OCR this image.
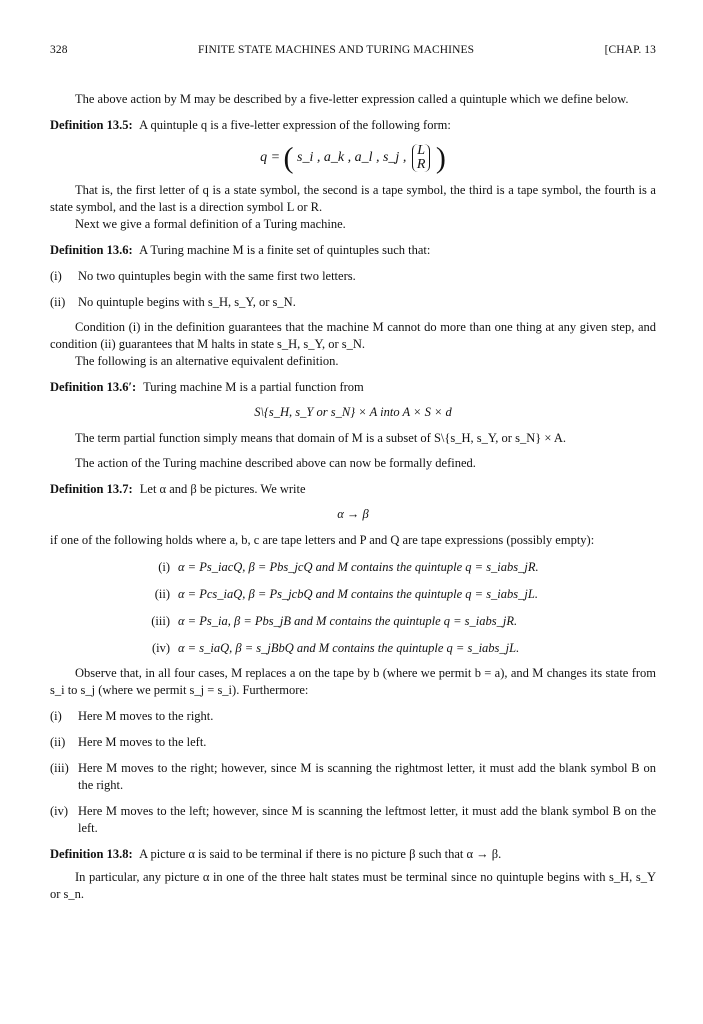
328	FINITE STATE MACHINES AND TURING MACHINES	[CHAP. 13

The above action by M may be described by a five-letter expression called a quintuple which we define below.

Definition 13.5: A quintuple q is a five-letter expression of the following form:

q = ( s_i , a_k , a_l , s_j , L
R )

That is, the first letter of q is a state symbol, the second is a tape symbol, the third is a tape symbol, the fourth is a state symbol, and the last is a direction symbol L or R.

Next we give a formal definition of a Turing machine.

Definition 13.6: A Turing machine M is a finite set of quintuples such that:

(i)	No two quintuples begin with the same first two letters.
(ii)	No quintuple begins with s_H, s_Y, or s_N.

Condition (i) in the definition guarantees that the machine M cannot do more than one thing at any given step, and condition (ii) guarantees that M halts in state s_H, s_Y, or s_N.

The following is an alternative equivalent definition.

Definition 13.6′: Turing machine M is a partial function from

S\{s_H, s_Y or s_N} × A into A × S × d

The term partial function simply means that domain of M is a subset of S\{s_H, s_Y, or s_N} × A.

The action of the Turing machine described above can now be formally defined.

Definition 13.7: Let α and β be pictures. We write

α → β

if one of the following holds where a, b, c are tape letters and P and Q are tape expressions (possibly empty):

(i) α = Ps_iacQ, β = Pbs_jcQ and M contains the quintuple q = s_iabs_jR.
(ii) α = Pcs_iaQ, β = Ps_jcbQ and M contains the quintuple q = s_iabs_jL.
(iii) α = Ps_ia, β = Pbs_jB and M contains the quintuple q = s_iabs_jR.
(iv) α = s_iaQ, β = s_jBbQ and M contains the quintuple q = s_iabs_jL.

Observe that, in all four cases, M replaces a on the tape by b (where we permit b = a), and M changes its state from s_i to s_j (where we permit s_j = s_i). Furthermore:

(i)	Here M moves to the right.
(ii)	Here M moves to the left.
(iii) Here M moves to the right; however, since M is scanning the rightmost letter, it must add the blank symbol B on the right.
(iv) Here M moves to the left; however, since M is scanning the leftmost letter, it must add the blank symbol B on the left.

Definition 13.8: A picture α is said to be terminal if there is no picture β such that α → β.

In particular, any picture α in one of the three halt states must be terminal since no quintuple begins with s_H, s_Y or s_n.
